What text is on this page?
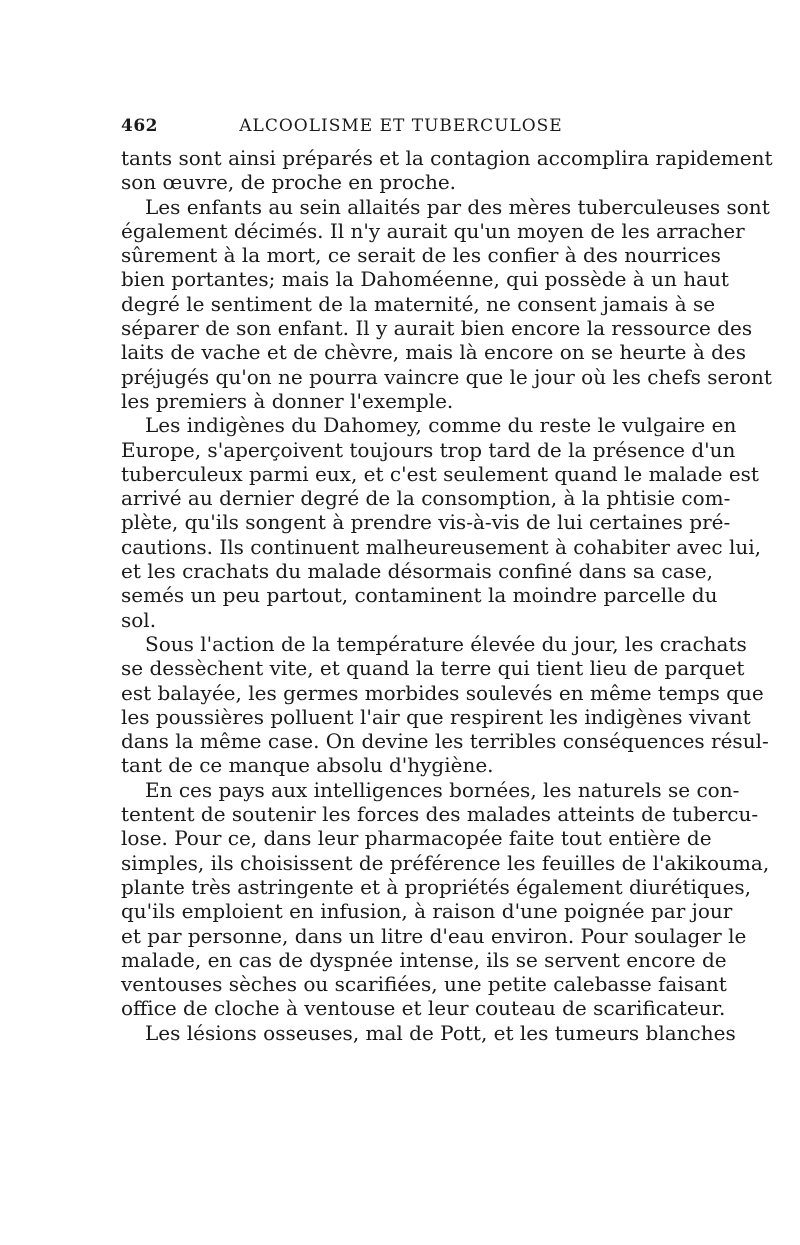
462	ALCOOLISME ET TUBERCULOSE
tants sont ainsi préparés et la contagion accomplira rapidement
son œuvre, de proche en proche.
Les enfants au sein allaités par des mères tuberculeuses sont
également décimés. Il n'y aurait qu'un moyen de les arracher
sûrement à la mort, ce serait de les confier à des nourrices
bien portantes; mais la Dahoméenne, qui possède à un haut
degré le sentiment de la maternité, ne consent jamais à se
séparer de son enfant. Il y aurait bien encore la ressource des
laits de vache et de chèvre, mais là encore on se heurte à des
préjugés qu'on ne pourra vaincre que le jour où les chefs seront
les premiers à donner l'exemple.
Les indigènes du Dahomey, comme du reste le vulgaire en
Europe, s'aperçoivent toujours trop tard de la présence d'un
tuberculeux parmi eux, et c'est seulement quand le malade est
arrivé au dernier degré de la consomption, à la phtisie com-
plète, qu'ils songent à prendre vis-à-vis de lui certaines pré-
cautions. Ils continuent malheureusement à cohabiter avec lui,
et les crachats du malade désormais confiné dans sa case,
semés un peu partout, contaminent la moindre parcelle du
sol.
Sous l'action de la température élevée du jour, les crachats
se dessèchent vite, et quand la terre qui tient lieu de parquet
est balayée, les germes morbides soulevés en même temps que
les poussières polluent l'air que respirent les indigènes vivant
dans la même case. On devine les terribles conséquences résul-
tant de ce manque absolu d'hygiène.
En ces pays aux intelligences bornées, les naturels se con-
tentent de soutenir les forces des malades atteints de tubercu-
lose. Pour ce, dans leur pharmacopée faite tout entière de
simples, ils choisissent de préférence les feuilles de l'akikouma,
plante très astringente et à propriétés également diurétiques,
qu'ils emploient en infusion, à raison d'une poignée par jour
et par personne, dans un litre d'eau environ. Pour soulager le
malade, en cas de dyspnée intense, ils se servent encore de
ventouses sèches ou scarifiées, une petite calebasse faisant
office de cloche à ventouse et leur couteau de scarificateur.
Les lésions osseuses, mal de Pott, et les tumeurs blanches
